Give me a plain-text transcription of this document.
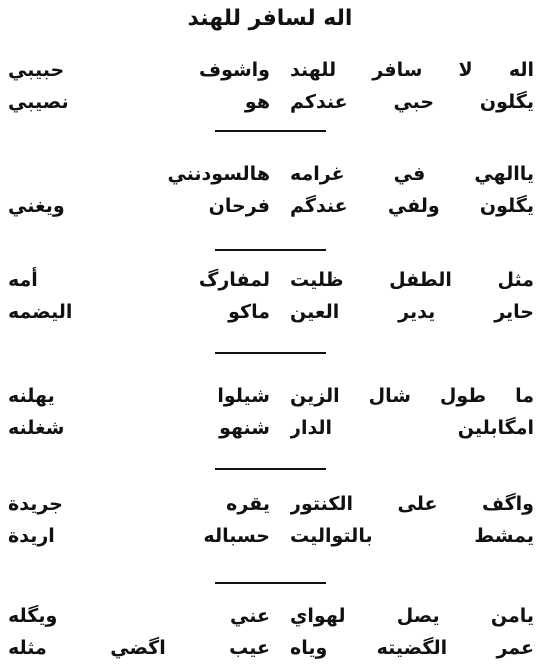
اله لسافر للهند
اله لا سافر للهند
واشوف حبيبي
يگلون حبي عندكم
هو نصيبي
ياالهي في غرامه
هالسودنني
يگلون ولفي عندگم
فرحان ويغني
مثل الطفل ظليت
لمفارگ أمه
حاير يدير العين
ماكو اليضمه
ما طول شال الزين
شيلوا يهلنه
امگابلين الدار
شنهو شغلنه
واگف على الكنتور
يقره جريدة
يمشط بالتواليت
حسباله اريدة
يامن يصل لهواي
عني ويگله
عمر الگضيته وياه
عيب اگضي مثله
